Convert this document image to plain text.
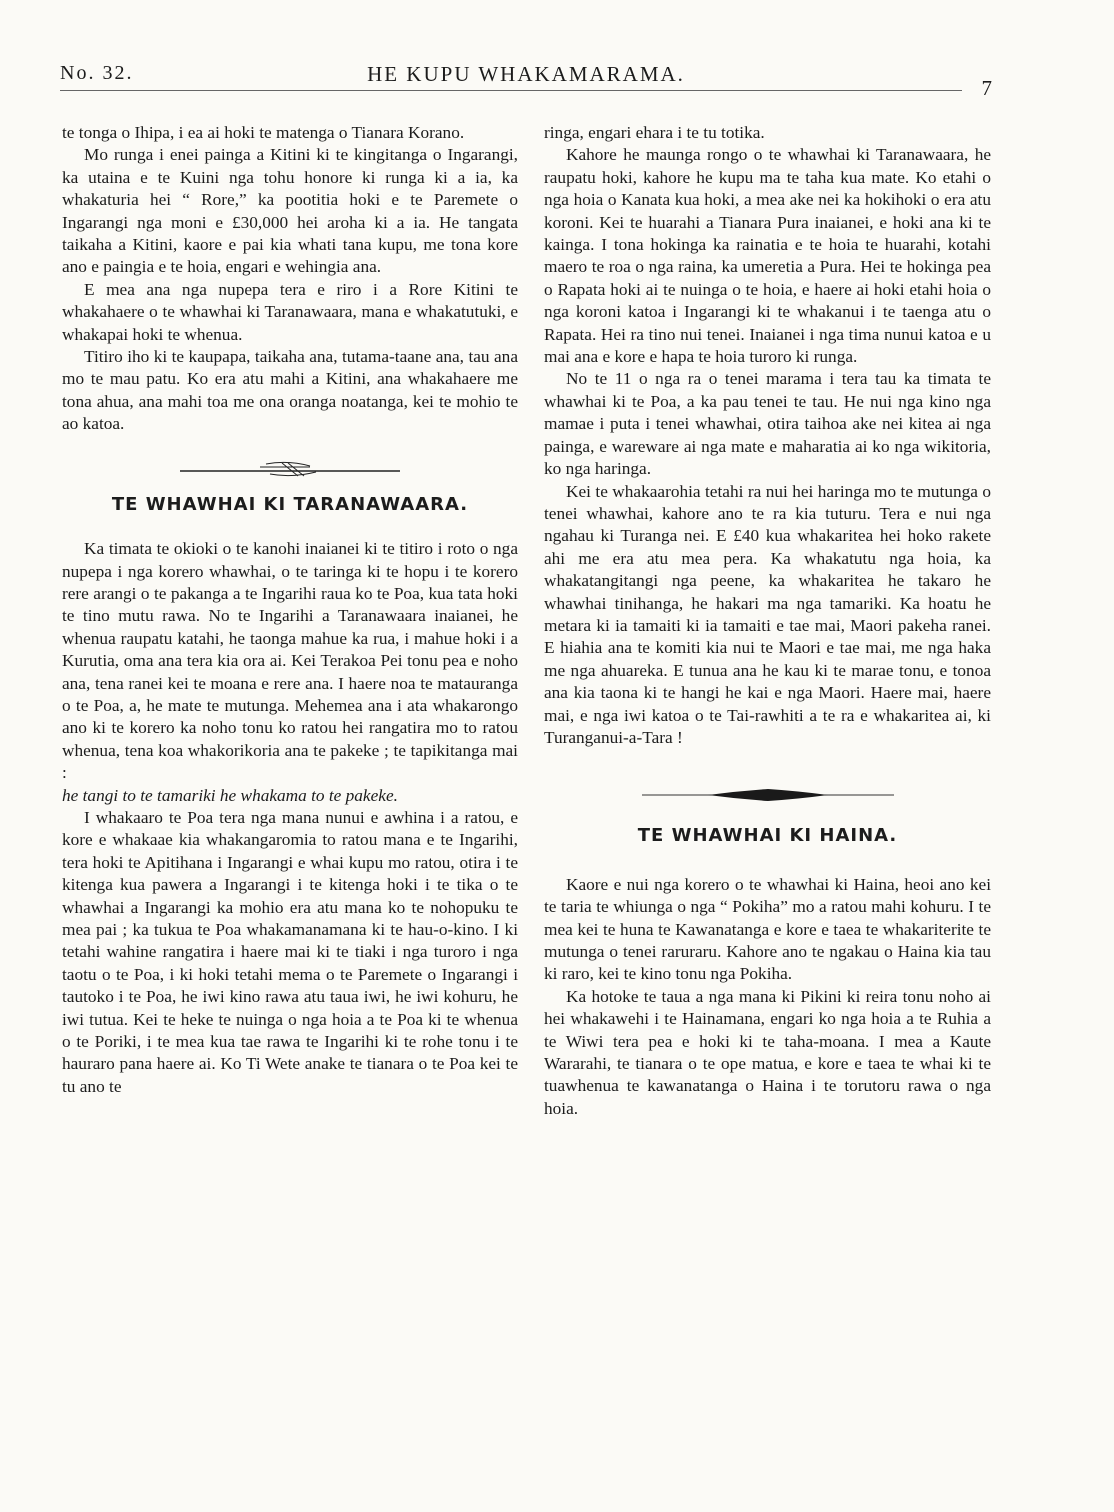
No. 32.	HE KUPU WHAKAMARAMA.
7

te tonga o Ihipa, i ea ai hoki te matenga o Tianara Korano.

Mo runga i enei painga a Kitini ki te kingitanga o Ingarangi, ka utaina e te Kuini nga tohu honore ki runga ki a ia, ka whakaturia hei “ Rore,” ka pootitia hoki e te Paremete o Ingarangi nga moni e £30,000 hei aroha ki a ia. He tangata taikaha a Kitini, kaore e pai kia whati tana kupu, me tona kore ano e paingia e te hoia, engari e wehingia ana.

E mea ana nga nupepa tera e riro i a Rore Kitini te whakahaere o te whawhai ki Taranawaara, mana e whakatutuki, e whakapai hoki te whenua.

Titiro iho ki te kaupapa, taikaha ana, tutama-taane ana, tau ana mo te mau patu. Ko era atu mahi a Kitini, ana whakahaere me tona ahua, ana mahi toa me ona oranga noatanga, kei te mohio te ao katoa.

TE WHAWHAI KI TARANAWAARA.

Ka timata te okioki o te kanohi inaianei ki te titiro i roto o nga nupepa i nga korero whawhai, o te taringa ki te hopu i te korero rere arangi o te pakanga a te Ingarihi raua ko te Poa, kua tata hoki te tino mutu rawa. No te Ingarihi a Taranawaara inaianei, he whenua raupatu katahi, he taonga mahue ka rua, i mahue hoki i a Kurutia, oma ana tera kia ora ai. Kei Terakoa Pei tonu pea e noho ana, tena ranei kei te moana e rere ana. I haere noa te matauranga o te Poa, a, he mate te mutunga. Mehemea ana i ata whakarongo ano ki te korero ka noho tonu ko ratou hei rangatira mo to ratou whenua, tena koa whakorikoria ana te pakeke ; te tapikitanga mai :

he tangi to te tamariki he whakama to te pakeke.

I whakaaro te Poa tera nga mana nunui e awhina i a ratou, e kore e whakaae kia whakangaromia to ratou mana e te Ingarihi, tera hoki te Apitihana i Ingarangi e whai kupu mo ratou, otira i te kitenga kua pawera a Ingarangi i te kitenga hoki i te tika o te whawhai a Ingarangi ka mohio era atu mana ko te nohopuku te mea pai ; ka tukua te Poa whakamanamana ki te hau-o-kino. I ki tetahi wahine rangatira i haere mai ki te tiaki i nga turoro i nga taotu o te Poa, i ki hoki tetahi mema o te Paremete o Ingarangi i tautoko i te Poa, he iwi kino rawa atu taua iwi, he iwi kohuru, he iwi tutua. Kei te heke te nuinga o nga hoia a te Poa ki te whenua o te Poriki, i te mea kua tae rawa te Ingarihi ki te rohe tonu i te hauraro pana haere ai. Ko Ti Wete anake te tianara o te Poa kei te tu ano te

ringa, engari ehara i te tu totika.

Kahore he maunga rongo o te whawhai ki Taranawaara, he raupatu hoki, kahore he kupu ma te taha kua mate. Ko etahi o nga hoia o Kanata kua hoki, a mea ake nei ka hokihoki o era atu koroni. Kei te huarahi a Tianara Pura inaianei, e hoki ana ki te kainga. I tona hokinga ka rainatia e te hoia te huarahi, kotahi maero te roa o nga raina, ka umeretia a Pura. Hei te hokinga pea o Rapata hoki ai te nuinga o te hoia, e haere ai hoki etahi hoia o nga koroni katoa i Ingarangi ki te whakanui i te taenga atu o Rapata. Hei ra tino nui tenei. Inaianei i nga tima nunui katoa e u mai ana e kore e hapa te hoia turoro ki runga.

No te 11 o nga ra o tenei marama i tera tau ka timata te whawhai ki te Poa, a ka pau tenei te tau. He nui nga kino nga mamae i puta i tenei whawhai, otira taihoa ake nei kitea ai nga painga, e wareware ai nga mate e maharatia ai ko nga wikitoria, ko nga haringa.

Kei te whakaarohia tetahi ra nui hei haringa mo te mutunga o tenei whawhai, kahore ano te ra kia tuturu. Tera e nui nga ngahau ki Turanga nei. E £40 kua whakaritea hei hoko rakete ahi me era atu mea pera. Ka whakatutu nga hoia, ka whakatangitangi nga peene, ka whakaritea he takaro he whawhai tinihanga, he hakari ma nga tamariki. Ka hoatu he metara ki ia tamaiti ki ia tamaiti e tae mai, Maori pakeha ranei. E hiahia ana te komiti kia nui te Maori e tae mai, me nga haka me nga ahuareka. E tunua ana he kau ki te marae tonu, e tonoa ana kia taona ki te hangi he kai e nga Maori. Haere mai, haere mai, e nga iwi katoa o te Tai-rawhiti a te ra e whakaritea ai, ki Turanganui-a-Tara !

TE WHAWHAI KI HAINA.

Kaore e nui nga korero o te whawhai ki Haina, heoi ano kei te taria te whiunga o nga “ Pokiha” mo a ratou mahi kohuru. I te mea kei te huna te Kawanatanga e kore e taea te whakariterite te mutunga o tenei raruraru. Kahore ano te ngakau o Haina kia tau ki raro, kei te kino tonu nga Pokiha.

Ka hotoke te taua a nga mana ki Pikini ki reira tonu noho ai hei whakawehi i te Hainamana, engari ko nga hoia a te Ruhia a te Wiwi tera pea e hoki ki te taha-moana. I mea a Kaute Wararahi, te tianara o te ope matua, e kore e taea te whai ki te tuawhenua te kawanatanga o Haina i te torutoru rawa o nga hoia.
